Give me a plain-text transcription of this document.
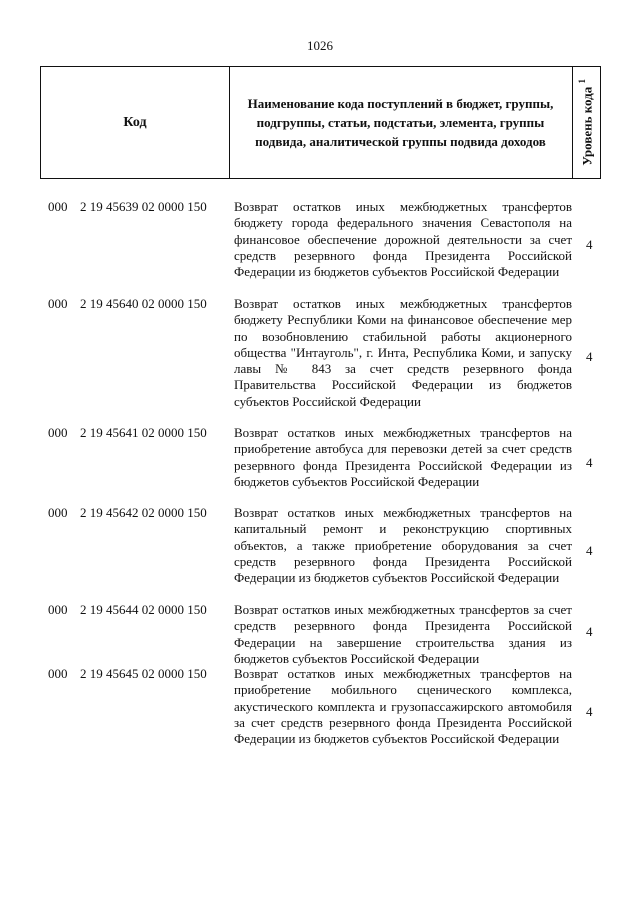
1026
Код
Наименование кода поступлений в бюджет, группы, подгруппы, статьи, подстатьи, элемента, группы подвида, аналитической группы подвида доходов	Уровень кода $^1$
000 2 19 45639 02 0000 150 Возврат остатков иных межбюджетных трансфертов бюджету города федерального значения Севастополя на финансовое обеспечение дорожной деятельности за счет средств резервного фонда Президента Российской Федерации из бюджетов субъектов Российской Федерации
4
000 2 19 45640 02 0000 150 Возврат остатков иных межбюджетных трансфертов бюджету Республики Коми на финансовое обеспечение мер по возобновлению стабильной работы акционерного общества "Интауголь", г. Инта, Республика Коми, и запуску лавы № 843 за счет средств резервного фонда Правительства Российской Федерации из бюджетов субъектов Российской Федерации
4
000 2 19 45641 02 0000 150 Возврат остатков иных межбюджетных трансфертов на приобретение автобуса для перевозки детей за счет средств резервного фонда Президента Российской Федерации из бюджетов субъектов Российской Федерации
4
000 2 19 45642 02 0000 150 Возврат остатков иных межбюджетных трансфертов на капитальный ремонт и реконструкцию спортивных объектов, а также приобретение оборудования за счет средств резервного фонда Президента Российской Федерации из бюджетов субъектов Российской Федерации
4
000 2 19 45644 02 0000 150 Возврат остатков иных межбюджетных трансфертов за счет средств резервного фонда Президента Российской Федерации на завершение строительства здания из бюджетов субъектов Российской Федерации
4
000 2 19 45645 02 0000 150 Возврат остатков иных межбюджетных трансфертов на приобретение мобильного сценического комплекса, акустического комплекта и грузопассажирского автомобиля за счет средств резервного фонда Президента Российской Федерации из бюджетов субъектов Российской Федерации
4
